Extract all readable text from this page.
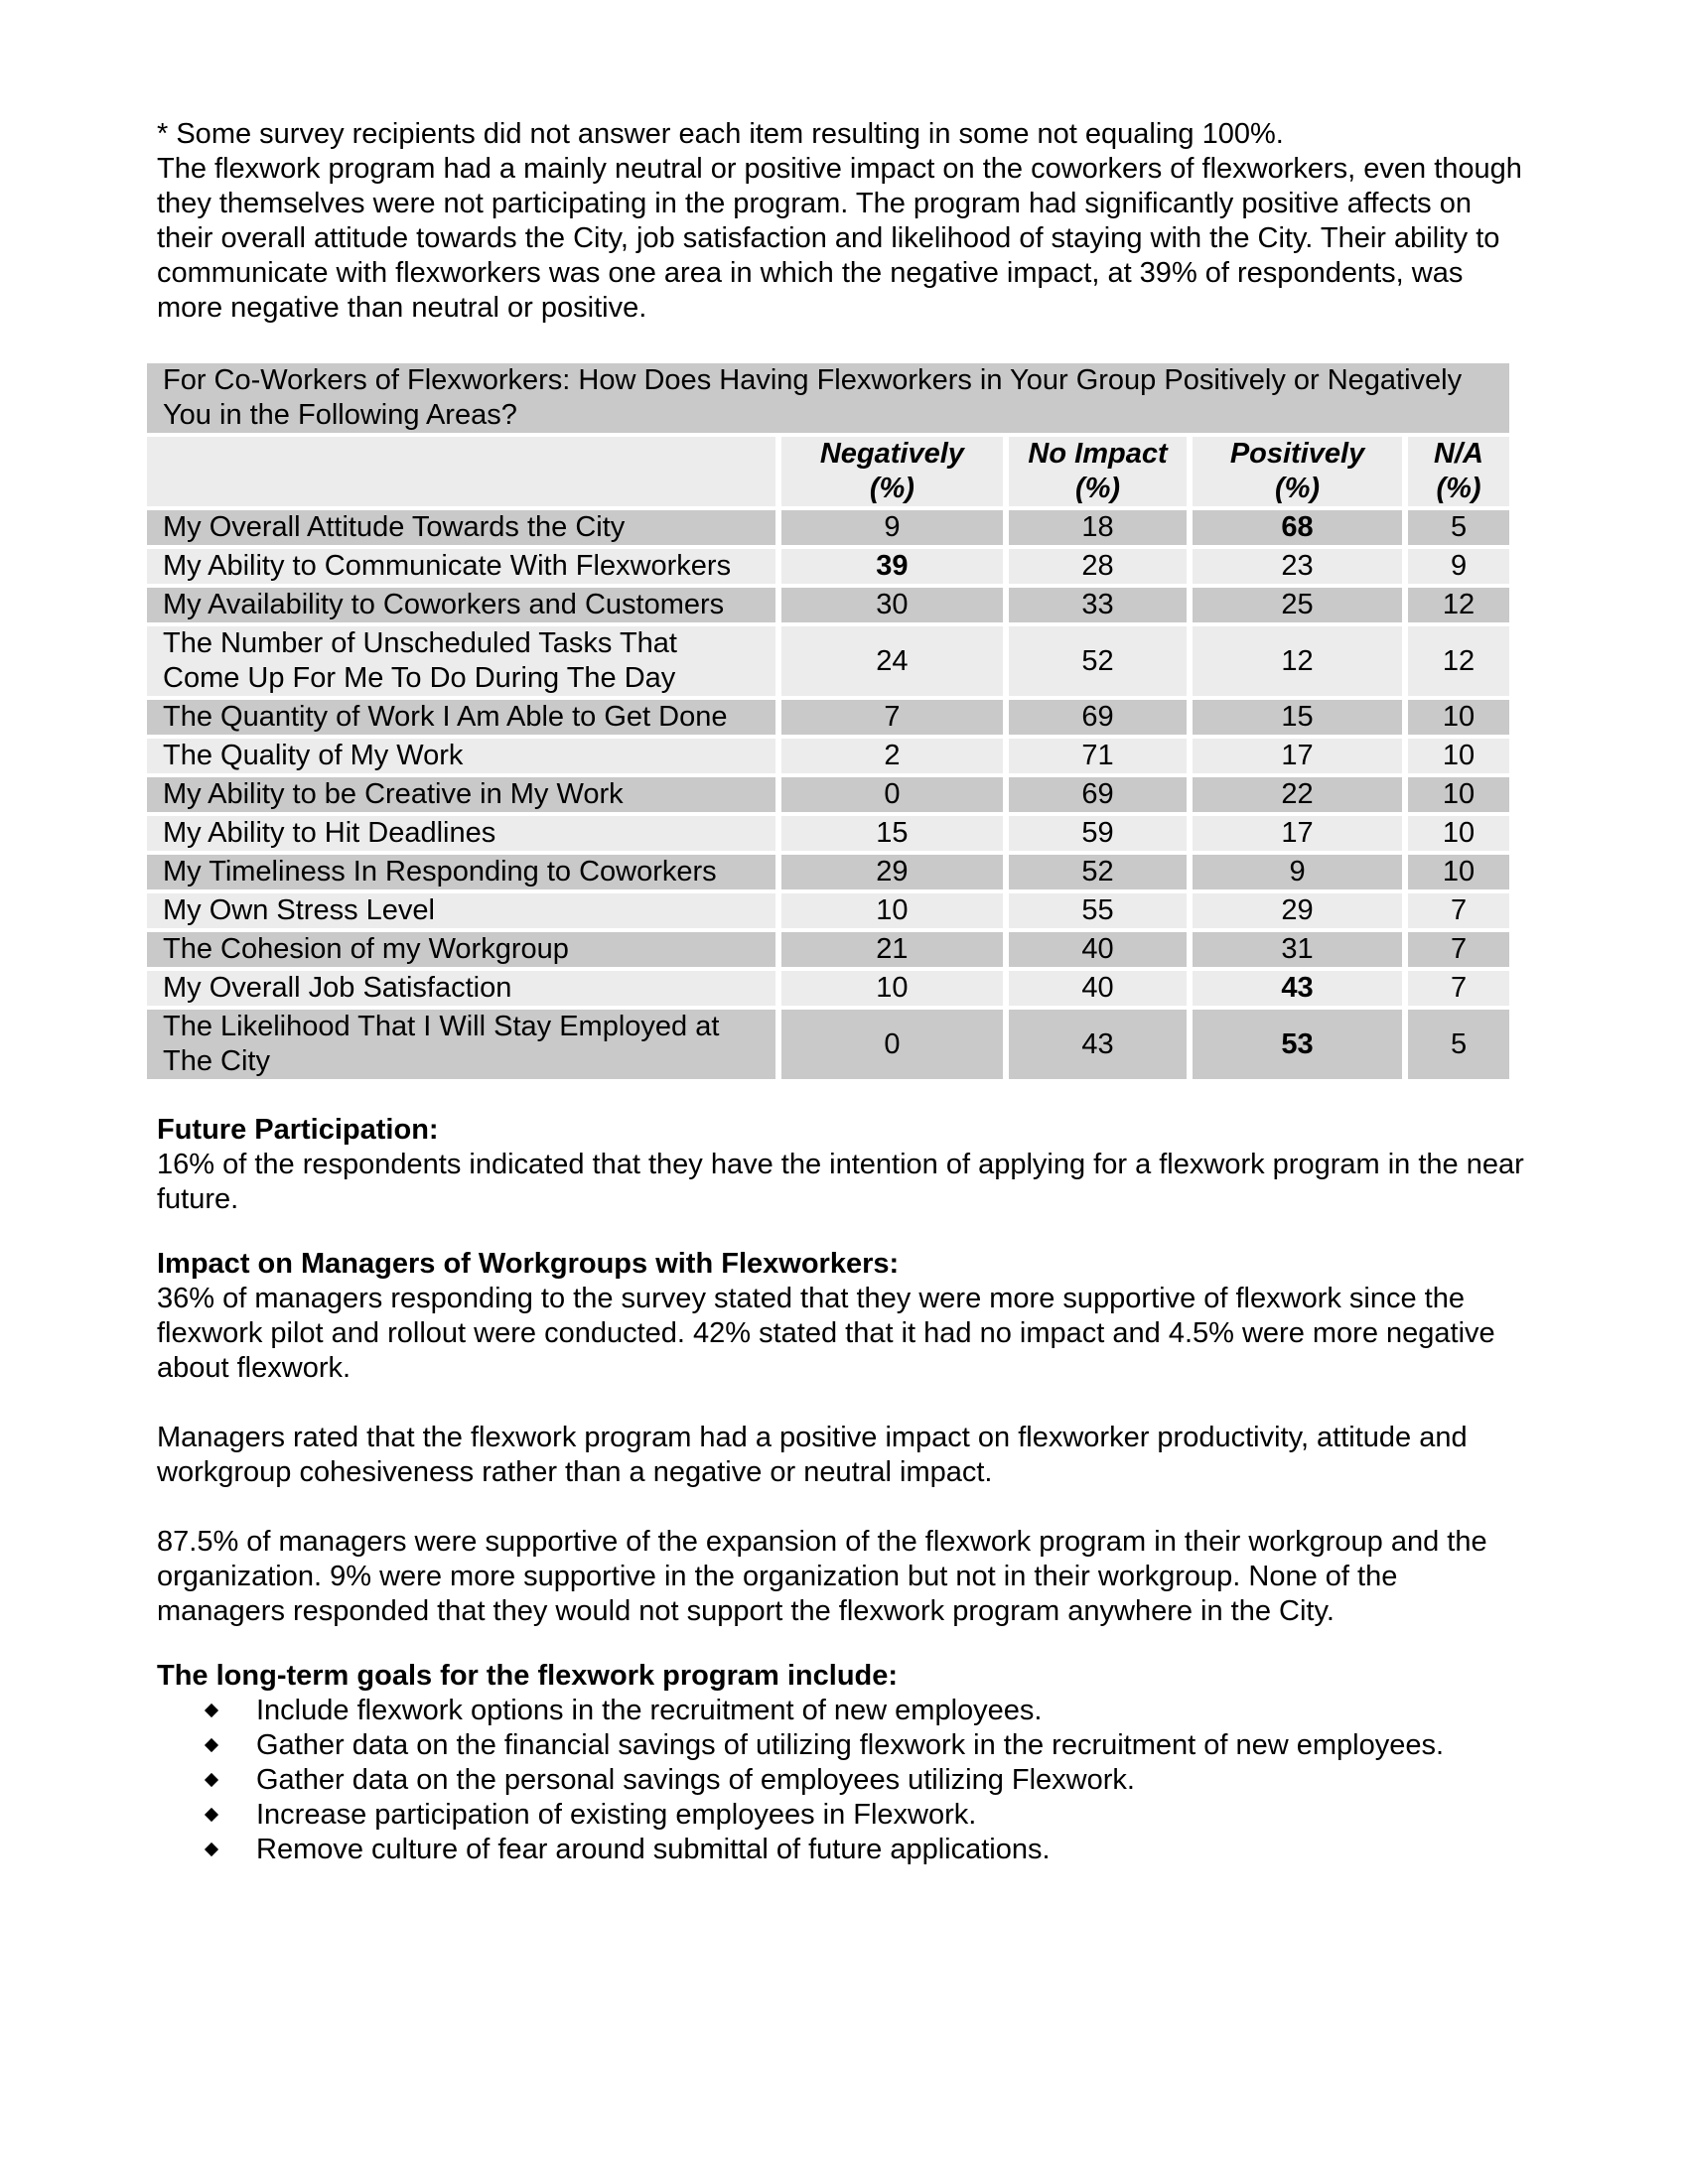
* Some survey recipients did not answer each item resulting in some not equaling 100%.

The flexwork program had a mainly neutral or positive impact on the coworkers of flexworkers, even though they themselves were not participating in the program. The program had significantly positive affects on their overall attitude towards the City, job satisfaction and likelihood of staying with the City. Their ability to communicate with flexworkers was one area in which the negative impact, at 39% of respondents, was more negative than neutral or positive.

For Co-Workers of Flexworkers: How Does Having Flexworkers in Your Group Positively or Negatively You in the Following Areas?				
	Negatively (%)	No Impact (%)	Positively (%)	N/A (%)
My Overall Attitude Towards the City	9	18	68	5
My Ability to Communicate With Flexworkers	39	28	23	9
My Availability to Coworkers and Customers	30	33	25	12
The Number of Unscheduled Tasks That Come Up For Me To Do During The Day	24	52	12	12
The Quantity of Work I Am Able to Get Done	7	69	15	10
The Quality of My Work	2	71	17	10
My Ability to be Creative in My Work	0	69	22	10
My Ability to Hit Deadlines	15	59	17	10
My Timeliness In Responding to Coworkers	29	52	9	10
My Own Stress Level	10	55	29	7
The Cohesion of my Workgroup	21	40	31	7
My Overall Job Satisfaction	10	40	43	7
The Likelihood That I Will Stay Employed at The City	0	43	53	5
Future Participation:

16% of the respondents indicated that they have the intention of applying for a flexwork program in the near future.

Impact on Managers of Workgroups with Flexworkers:

36% of managers responding to the survey stated that they were more supportive of flexwork since the flexwork pilot and rollout were conducted. 42% stated that it had no impact and 4.5% were more negative about flexwork.

Managers rated that the flexwork program had a positive impact on flexworker productivity, attitude and workgroup cohesiveness rather than a negative or neutral impact.

87.5% of managers were supportive of the expansion of the flexwork program in their workgroup and the organization. 9% were more supportive in the organization but not in their workgroup. None of the managers responded that they would not support the flexwork program anywhere in the City.

The long-term goals for the flexwork program include:
Include flexwork options in the recruitment of new employees.
Gather data on the financial savings of utilizing flexwork in the recruitment of new employees.
Gather data on the personal savings of employees utilizing Flexwork.
Increase participation of existing employees in Flexwork.
Remove culture of fear around submittal of future applications.
